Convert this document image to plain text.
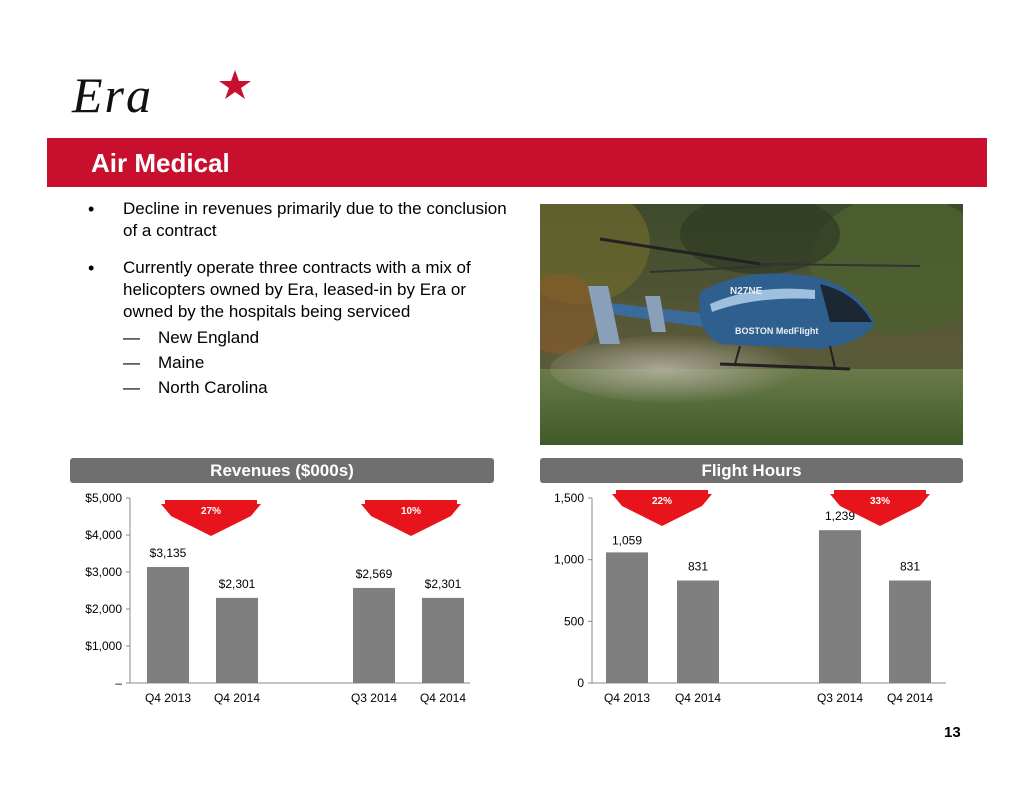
Era
Air Medical
• Decline in revenues primarily due to the conclusion of a contract
• Currently operate three contracts with a mix of helicopters owned by Era, leased-in by Era or owned by the hospitals being serviced
— New England
— Maine
— North Carolina
N27NE
BOSTON MedFlight
Revenues ($000s)	Flight Hours
–
$1,000
$2,000
$3,000
$4,000
$5,000
$3,135
Q4 2013
$2,301
Q4 2014
$2,569
Q3 2014
$2,301
Q4 2014
27%	10%
0
500
1,000
1,500
1,059
Q4 2013
831
Q4 2014
1,239
Q3 2014
831
Q4 2014
22%	33%
13
